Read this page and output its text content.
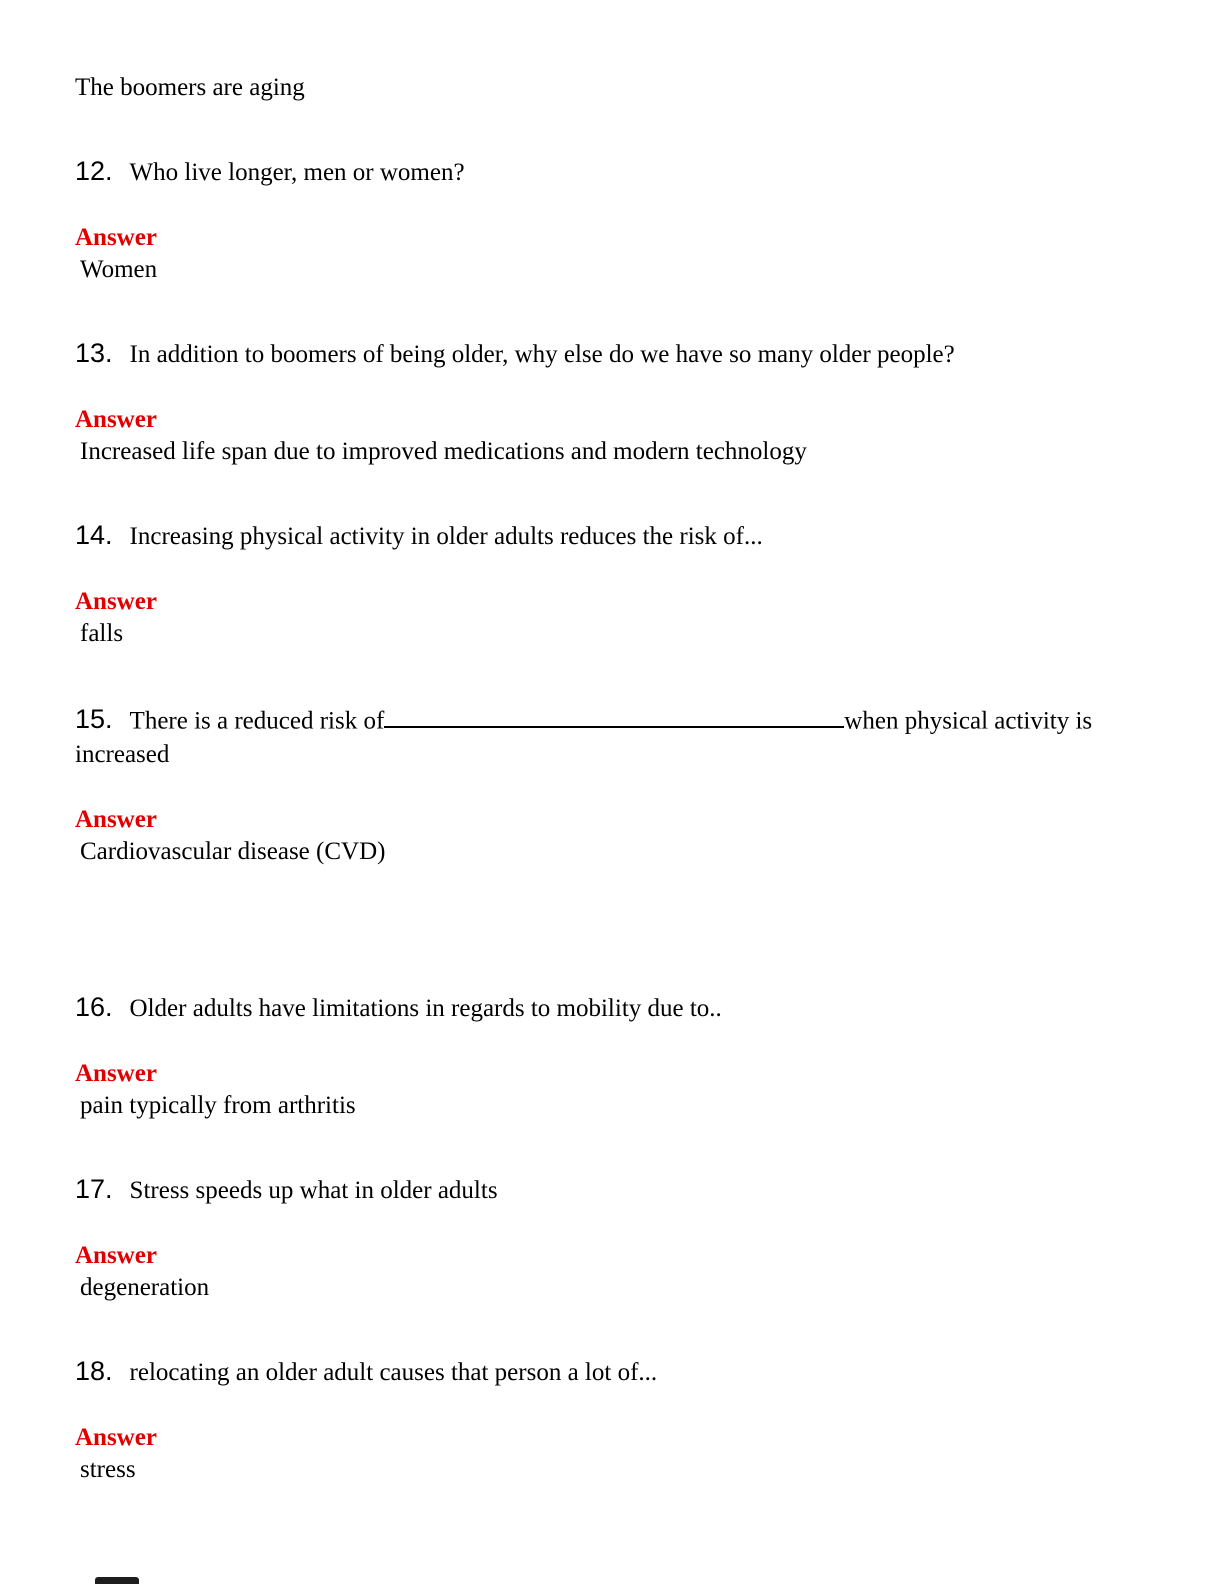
The boomers are aging

12. Who live longer, men or women?

Answer

Women

13. In addition to boomers of being older, why else do we have so many older people?

Answer

Increased life span due to improved medications and modern technology

14. Increasing physical activity in older adults reduces the risk of...

Answer

falls

15. There is a reduced risk of	when physical activity is increased

Answer

Cardiovascular disease (CVD)

16. Older adults have limitations in regards to mobility due to..

Answer

pain typically from arthritis

17. Stress speeds up what in older adults

Answer

degeneration

18. relocating an older adult causes that person a lot of...

Answer

stress
